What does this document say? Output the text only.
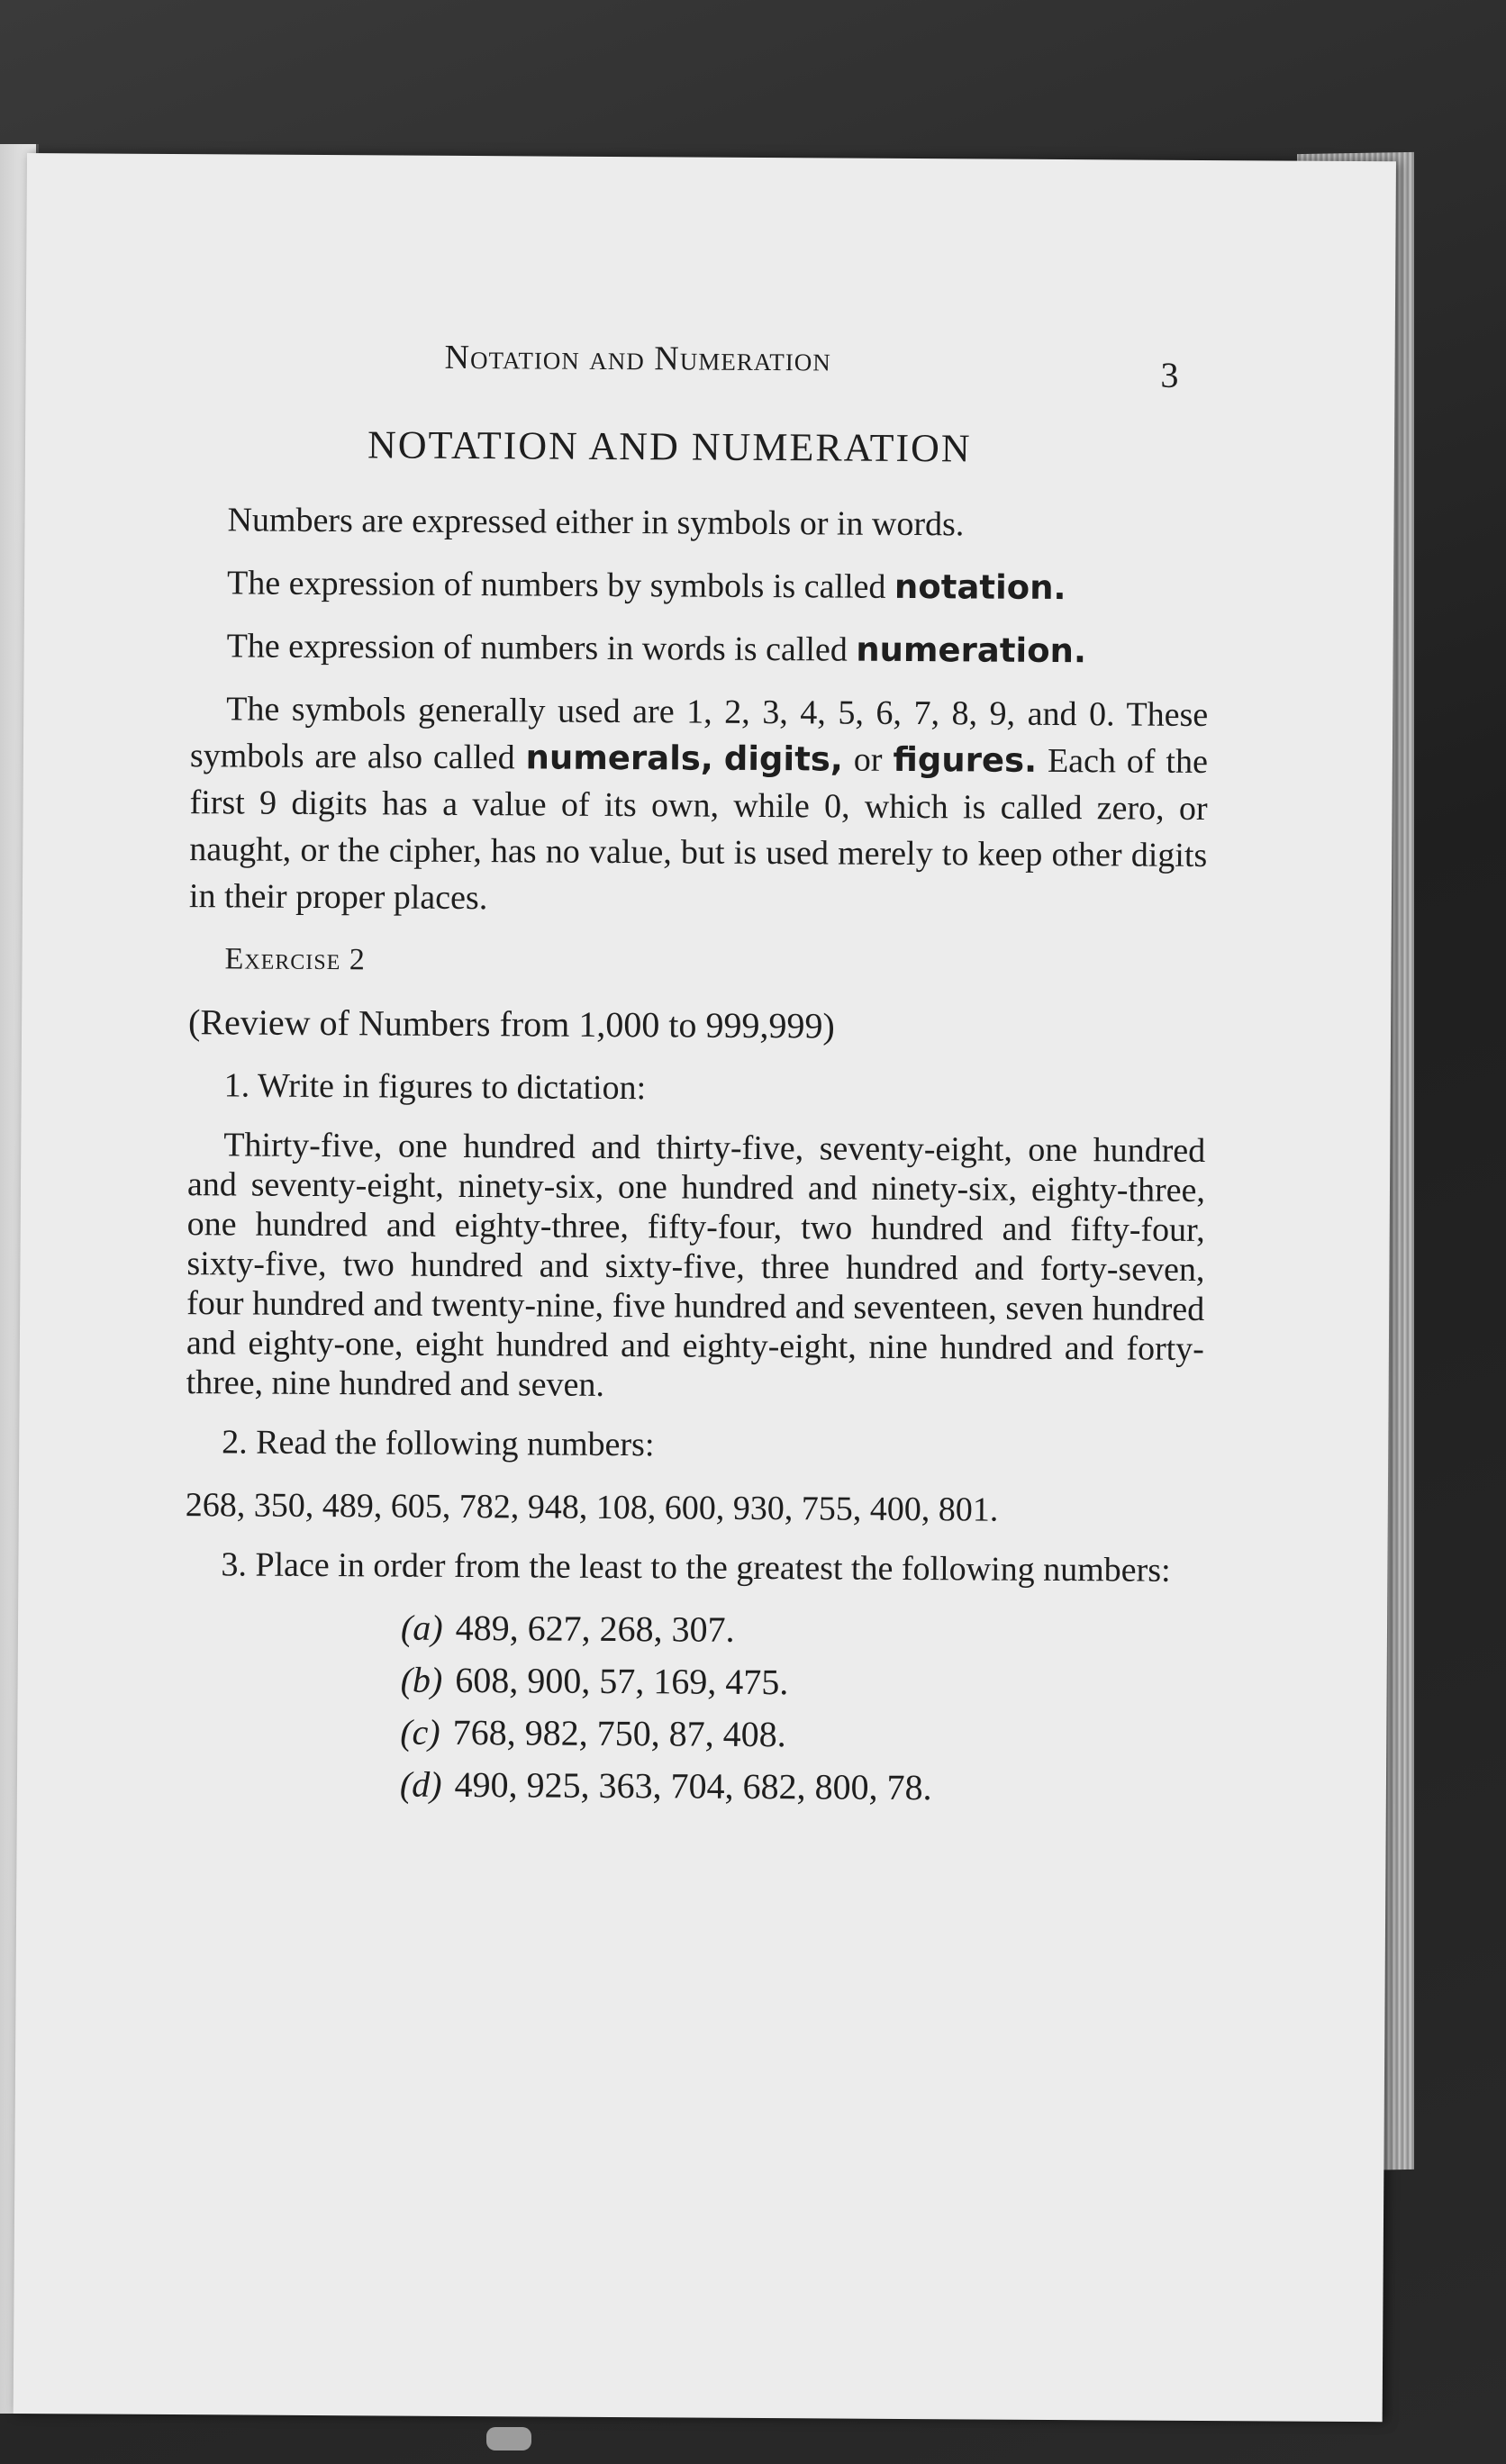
Notation and Numeration	3
NOTATION AND NUMERATION

Numbers are expressed either in symbols or in words.

The expression of numbers by symbols is called notation.

The expression of numbers in words is called numeration.

The symbols generally used are 1, 2, 3, 4, 5, 6, 7, 8, 9, and 0. These symbols are also called numerals, digits, or figures. Each of the first 9 digits has a value of its own, while 0, which is called zero, or naught, or the cipher, has no value, but is used merely to keep other digits in their proper places.

Exercise 2

(Review of Numbers from 1,000 to 999,999)

1. Write in figures to dictation:

Thirty-five, one hundred and thirty-five, seventy-eight, one hundred and seventy-eight, ninety-six, one hundred and ninety-six, eighty-three, one hundred and eighty-three, fifty-four, two hundred and fifty-four, sixty-five, two hundred and sixty-five, three hundred and forty-seven, four hundred and twenty-nine, five hundred and seventeen, seven hundred and eighty-one, eight hundred and eighty-eight, nine hundred and forty-three, nine hundred and seven.

2. Read the following numbers:

268, 350, 489, 605, 782, 948, 108, 600, 930, 755, 400, 801.

3. Place in order from the least to the greatest the following numbers:

(a) 489, 627, 268, 307.
(b) 608, 900, 57, 169, 475.
(c) 768, 982, 750, 87, 408.
(d) 490, 925, 363, 704, 682, 800, 78.
